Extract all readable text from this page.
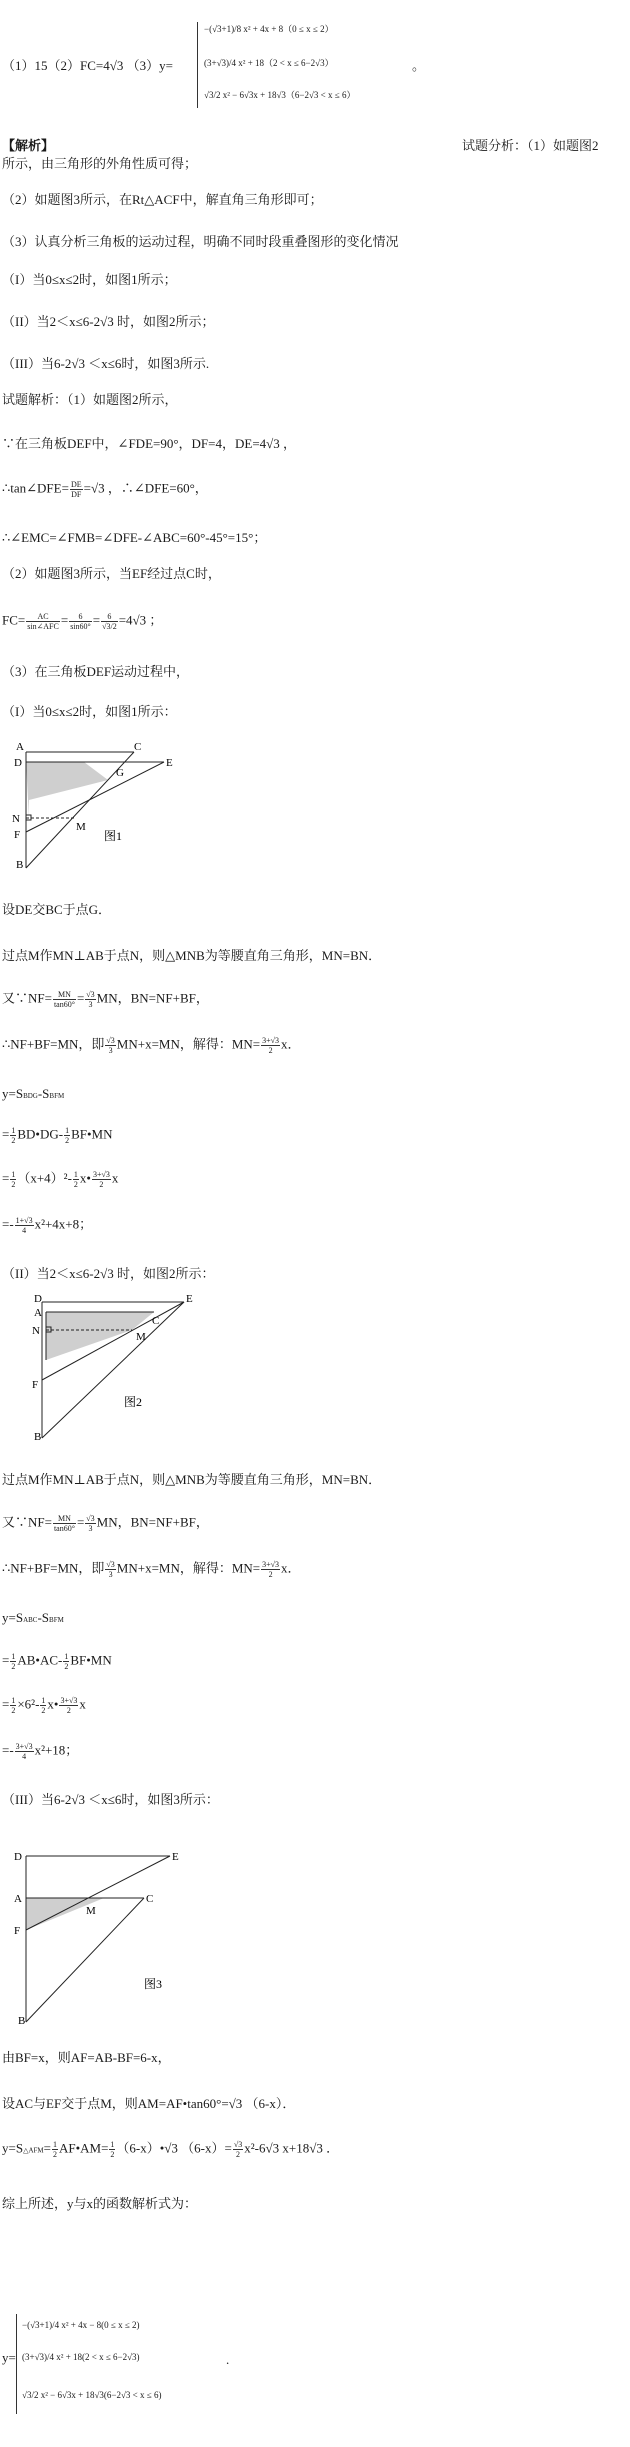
（1）15（2）FC=4√3 （3）y=
−(√3+1)/8 x² + 4x + 8（0 ≤ x ≤ 2）
(3+√3)/4 x² + 18（2 < x ≤ 6−2√3）
√3/2 x² − 6√3x + 18√3（6−2√3 < x ≤ 6）
。
【解析】	试题分析：（1）如题图2
所示，由三角形的外角性质可得；
（2）如题图3所示，在Rt△ACF中，解直角三角形即可；
（3）认真分析三角板的运动过程，明确不同时段重叠图形的变化情况
（I）当0≤x≤2时，如图1所示；
（II）当2＜x≤6-2√3 时，如图2所示；
（III）当6-2√3 ＜x≤6时，如图3所示.
试题解析：（1）如题图2所示，
∵在三角板DEF中，∠FDE=90°，DF=4，DE=4√3 ，
∴tan∠DFE= $\frac{DE}{DF} =√3$ ，∴∠DFE=60°，
∴∠EMC=∠FMB=∠DFE-∠ABC=60°-45°=15°；
（2）如题图3所示，当EF经过点C时，
$FC= \frac{AC}{\text{sin∠AFC}} = \frac{6}{\sin 60^\circ} = \frac{6}{√3/2} =4√3$ ；
（3）在三角板DEF运动过程中，
（I）当0≤x≤2时，如图1所示：
A	C
D	E
G
N
M
F
B
图1
设DE交BC于点G．
过点M作MN⊥AB于点N，则△MNB为等腰直角三角形，MN=BN．
又∵NF= $\frac{MN}{\tan 60^\circ} = \frac{√3}{3}$ MN，BN=NF+BF，
∴NF+BF=MN，即 $\frac{√3}{3} MN+x=MN$，解得：$MN= \frac{3+√3}{2}$ x．
y=SBDG-SBFM
= $\frac{1}{2}$ BD•DG- $\frac{1}{2}$ BF•MN
= $\frac{1}{2} (x+4)^2- \frac{1}{2}$ x• $\frac{3+√3}{2}$ x
=- $\frac{1+√3}{4} x^2+4x+8$；
（II）当2＜x≤6-2√3 时，如图2所示：
D	E
A
C
N	M
F
B
图2
过点M作MN⊥AB于点N，则△MNB为等腰直角三角形，MN=BN．
又∵NF= $\frac{MN}{\tan 60^\circ} = \frac{√3}{3}$ MN，BN=NF+BF，
∴NF+BF=MN，即 $\frac{√3}{3} MN+x=MN$，解得：$MN= \frac{3+√3}{2}$ x．
y=SABC-SBFM
= $\frac{1}{2}$ AB•AC- $\frac{1}{2}$ BF•MN
= $\frac{1}{2} \times 6^2- \frac{1}{2}$ x• $\frac{3+√3}{2}$ x
=- $\frac{3+√3}{4} x^2+18$；
（III）当6-2√3 ＜x≤6时，如图3所示：
D	E
A	C
M
F
B
图3
由BF=x，则AF=AB-BF=6-x，
设AC与EF交于点M，则AM=AF•tan60°=√3 （6-x）．
y=S△AFM= $\frac{1}{2}$ AF•AM= $\frac{1}{2}$ （6-x）•√3 $(6-x)= \frac{√3}{2} x^2-6√3$ x+18√3 ．
综上所述，y与x的函数解析式为：
y=
−(√3+1)/4 x² + 4x − 8(0 ≤ x ≤ 2)
(3+√3)/4 x² + 18(2 < x ≤ 6−2√3)
√3/2 x² − 6√3x + 18√3(6−2√3 < x ≤ 6)
.
